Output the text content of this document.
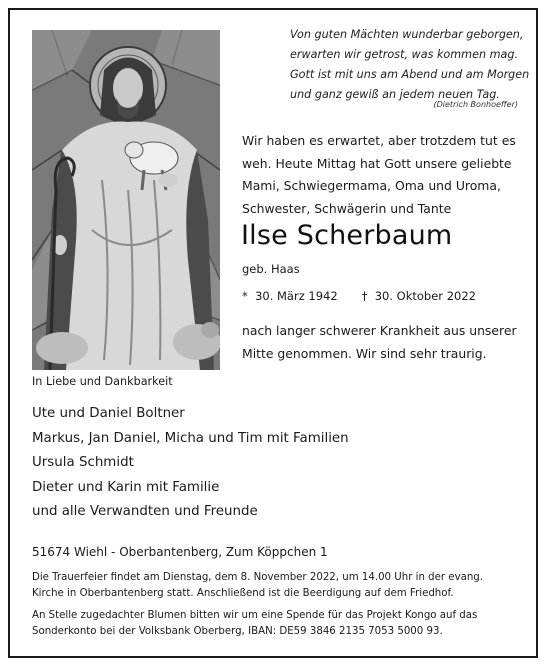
Von guten Mächten wunderbar geborgen,
erwarten wir getrost, was kommen mag.
Gott ist mit uns am Abend und am Morgen
und ganz gewiß an jedem neuen Tag.
(Dietrich Bonhoeffer)
Wir haben es erwartet, aber trotzdem tut es
weh. Heute Mittag hat Gott unsere geliebte
Mami, Schwiegermama, Oma und Uroma,
Schwester, Schwägerin und Tante
Ilse Scherbaum
geb. Haas
* 30. März 1942 † 30. Oktober 2022
nach langer schwerer Krankheit aus unserer
Mitte genommen. Wir sind sehr traurig.
In Liebe und Dankbarkeit
Ute und Daniel Boltner
Markus, Jan Daniel, Micha und Tim mit Familien
Ursula Schmidt
Dieter und Karin mit Familie
und alle Verwandten und Freunde
51674 Wiehl - Oberbantenberg, Zum Köppchen 1
Die Trauerfeier findet am Dienstag, dem 8. November 2022, um 14.00 Uhr in der evang.
Kirche in Oberbantenberg statt. Anschließend ist die Beerdigung auf dem Friedhof.
An Stelle zugedachter Blumen bitten wir um eine Spende für das Projekt Kongo auf das
Sonderkonto bei der Volksbank Oberberg, IBAN: DE59 3846 2135 7053 5000 93.
